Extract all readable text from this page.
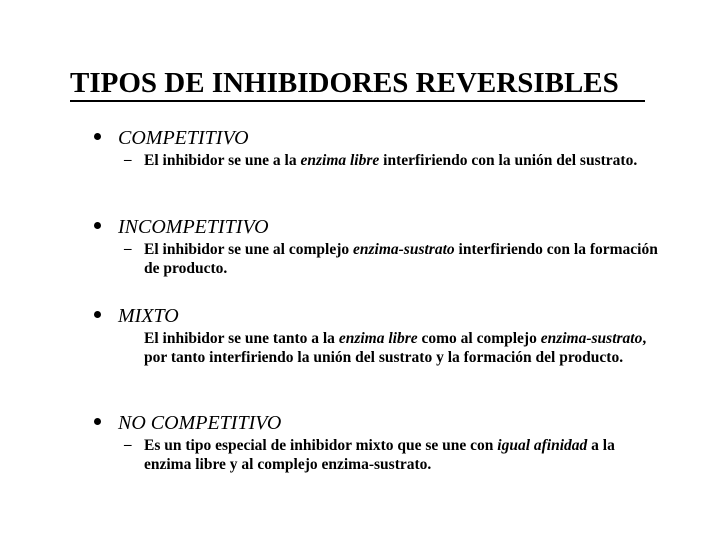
TIPOS DE INHIBIDORES REVERSIBLES
COMPETITIVO
– El inhibidor se une a la enzima libre interfiriendo con la unión del sustrato.
INCOMPETITIVO
– El inhibidor se une al complejo enzima-sustrato interfiriendo con la formación de producto.
MIXTO
El inhibidor se une tanto a la enzima libre como al complejo enzima-sustrato, por tanto interfiriendo la unión del sustrato y la formación del producto.
NO COMPETITIVO
– Es un tipo especial de inhibidor mixto que se une con igual afinidad a la enzima libre y al complejo enzima-sustrato.
